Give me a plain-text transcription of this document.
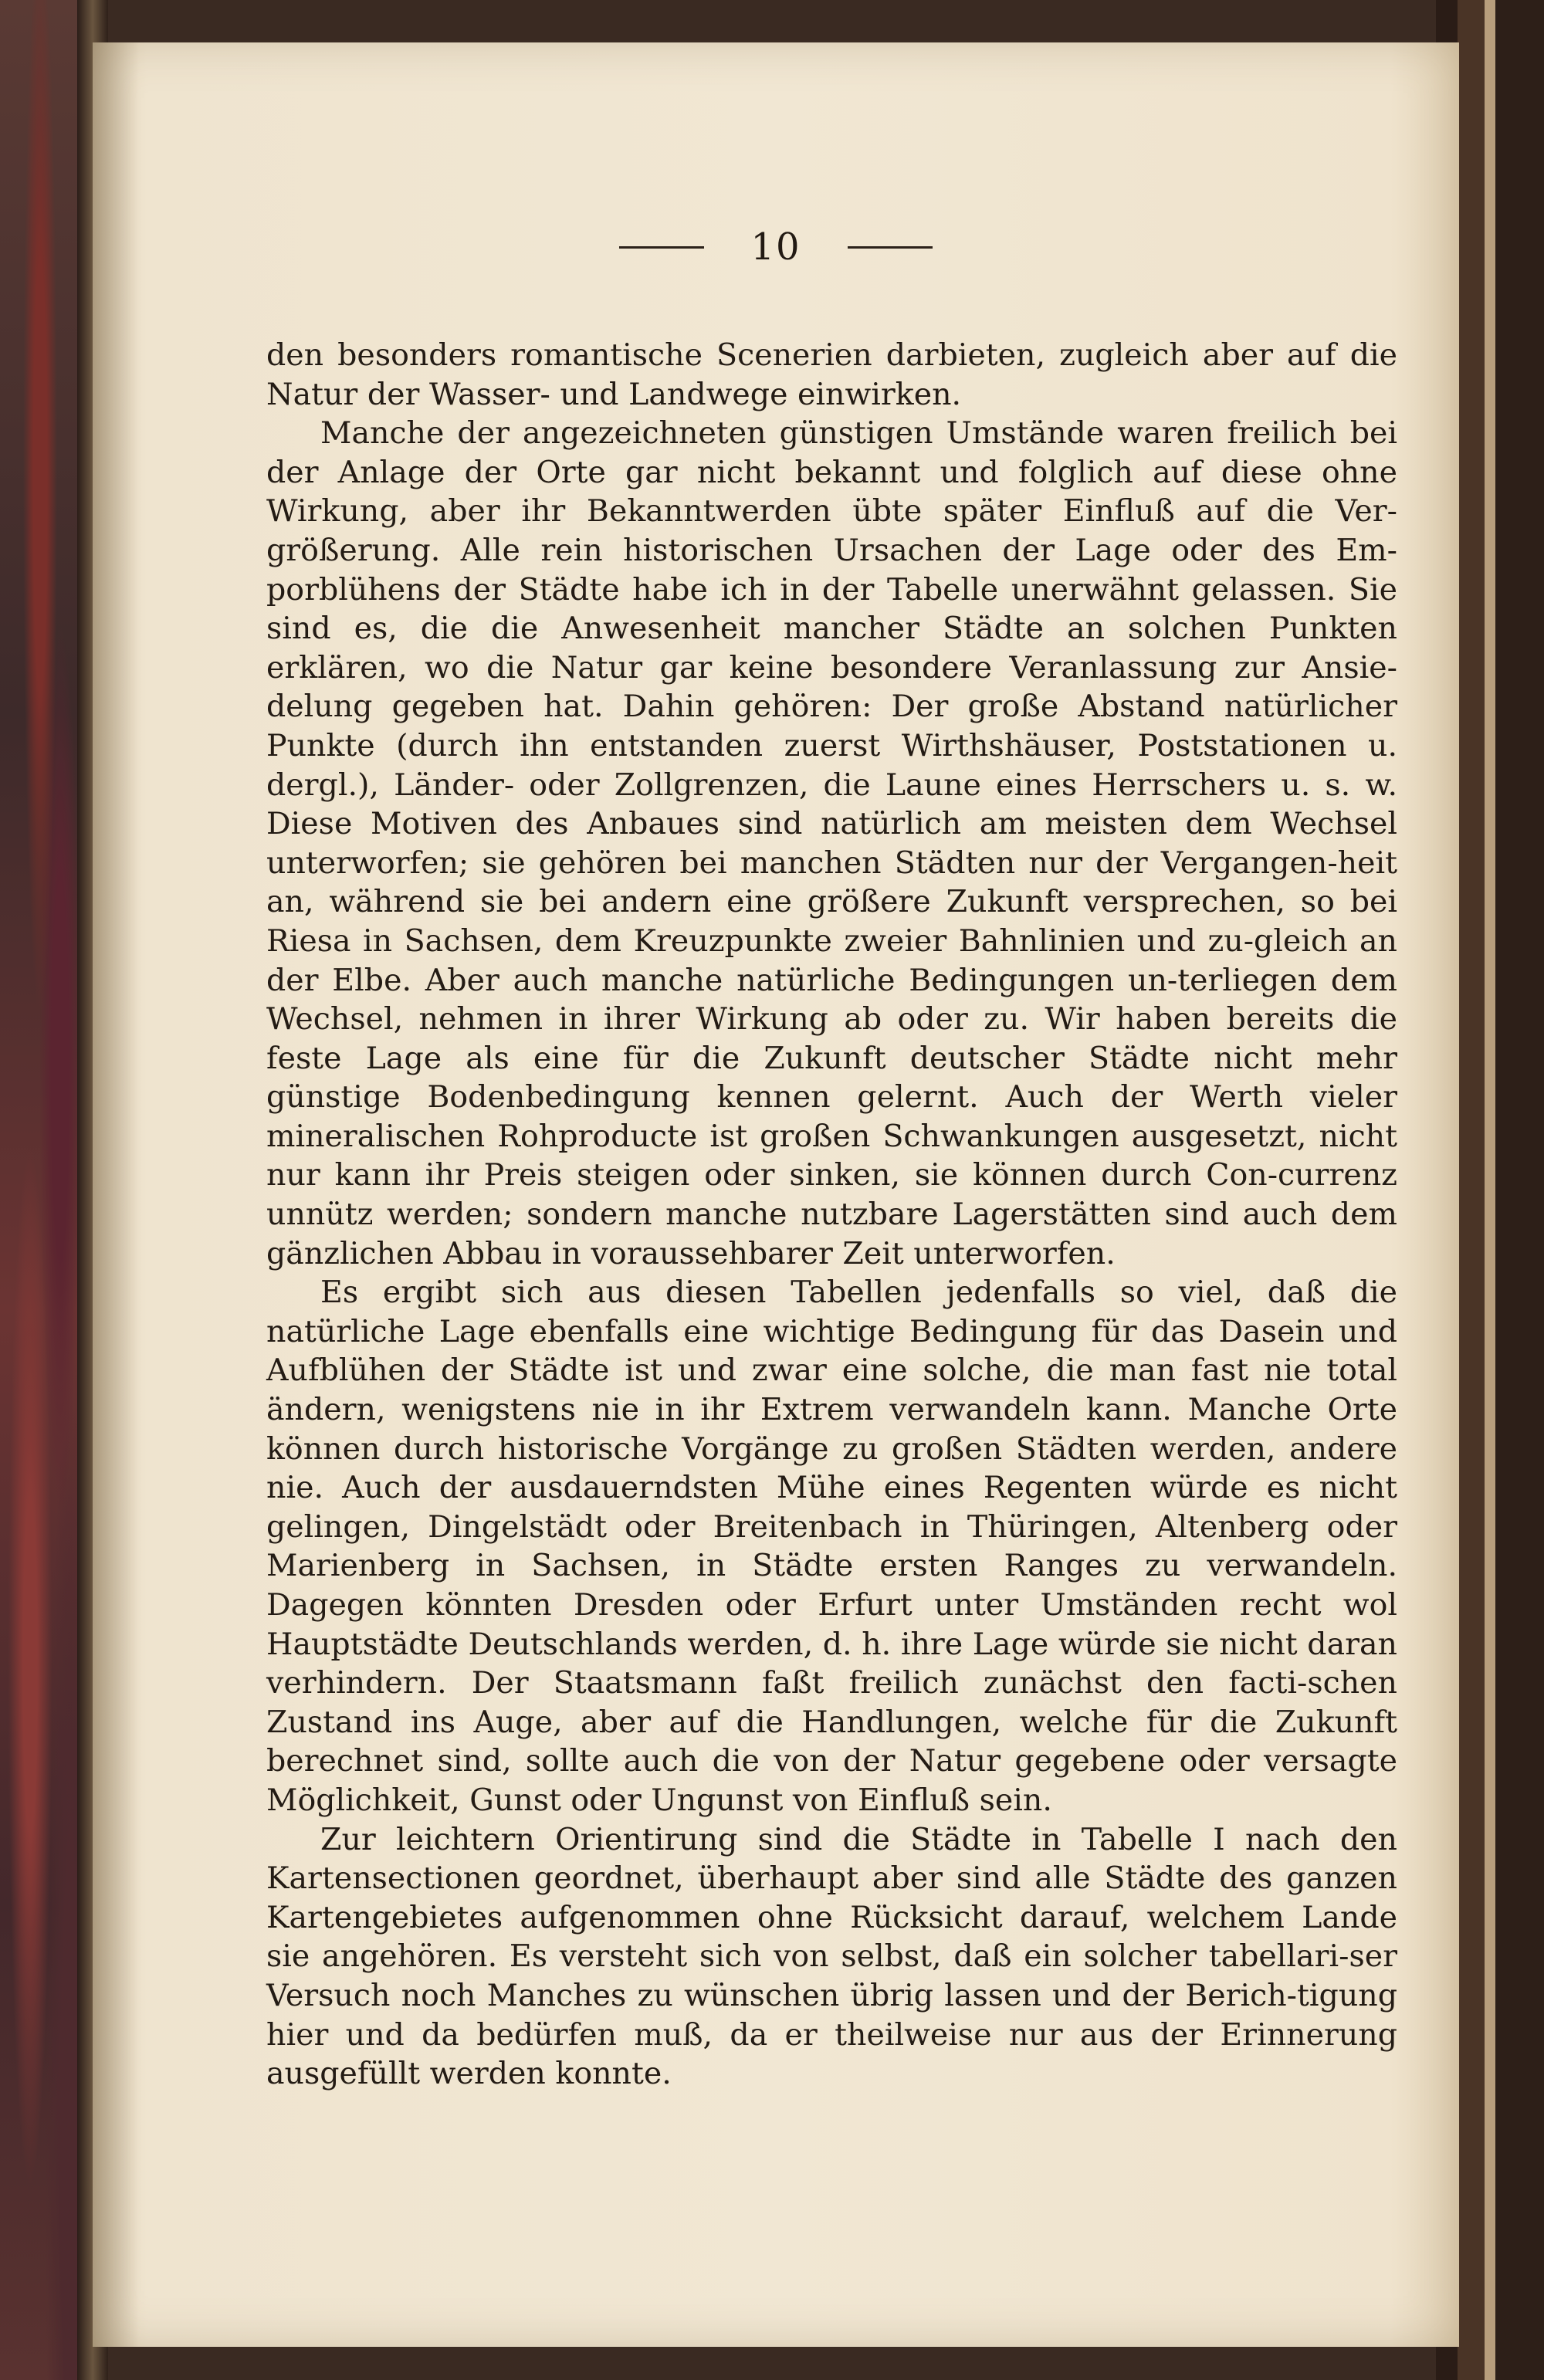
10

den besonders romantische Scenerien darbieten, zugleich aber auf die Natur der Wasser- und Landwege einwirken.

Manche der angezeichneten günstigen Umstände waren freilich bei der Anlage der Orte gar nicht bekannt und folglich auf diese ohne Wirkung, aber ihr Bekanntwerden übte später Einfluß auf die Ver-größerung. Alle rein historischen Ursachen der Lage oder des Em-porblühens der Städte habe ich in der Tabelle unerwähnt gelassen. Sie sind es, die die Anwesenheit mancher Städte an solchen Punkten erklären, wo die Natur gar keine besondere Veranlassung zur Ansie-delung gegeben hat. Dahin gehören: Der große Abstand natürlicher Punkte (durch ihn entstanden zuerst Wirthshäuser, Poststationen u. dergl.), Länder- oder Zollgrenzen, die Laune eines Herrschers u. s. w. Diese Motiven des Anbaues sind natürlich am meisten dem Wechsel unterworfen; sie gehören bei manchen Städten nur der Vergangen-heit an, während sie bei andern eine größere Zukunft versprechen, so bei Riesa in Sachsen, dem Kreuzpunkte zweier Bahnlinien und zu-gleich an der Elbe. Aber auch manche natürliche Bedingungen un-terliegen dem Wechsel, nehmen in ihrer Wirkung ab oder zu. Wir haben bereits die feste Lage als eine für die Zukunft deutscher Städte nicht mehr günstige Bodenbedingung kennen gelernt. Auch der Werth vieler mineralischen Rohproducte ist großen Schwankungen ausgesetzt, nicht nur kann ihr Preis steigen oder sinken, sie können durch Con-currenz unnütz werden; sondern manche nutzbare Lagerstätten sind auch dem gänzlichen Abbau in voraussehbarer Zeit unterworfen.

Es ergibt sich aus diesen Tabellen jedenfalls so viel, daß die natürliche Lage ebenfalls eine wichtige Bedingung für das Dasein und Aufblühen der Städte ist und zwar eine solche, die man fast nie total ändern, wenigstens nie in ihr Extrem verwandeln kann. Manche Orte können durch historische Vorgänge zu großen Städten werden, andere nie. Auch der ausdauerndsten Mühe eines Regenten würde es nicht gelingen, Dingelstädt oder Breitenbach in Thüringen, Altenberg oder Marienberg in Sachsen, in Städte ersten Ranges zu verwandeln. Dagegen könnten Dresden oder Erfurt unter Umständen recht wol Hauptstädte Deutschlands werden, d. h. ihre Lage würde sie nicht daran verhindern. Der Staatsmann faßt freilich zunächst den facti-schen Zustand ins Auge, aber auf die Handlungen, welche für die Zukunft berechnet sind, sollte auch die von der Natur gegebene oder versagte Möglichkeit, Gunst oder Ungunst von Einfluß sein.

Zur leichtern Orientirung sind die Städte in Tabelle I nach den Kartensectionen geordnet, überhaupt aber sind alle Städte des ganzen Kartengebietes aufgenommen ohne Rücksicht darauf, welchem Lande sie angehören. Es versteht sich von selbst, daß ein solcher tabellari-ser Versuch noch Manches zu wünschen übrig lassen und der Berich-tigung hier und da bedürfen muß, da er theilweise nur aus der Erinnerung ausgefüllt werden konnte.
